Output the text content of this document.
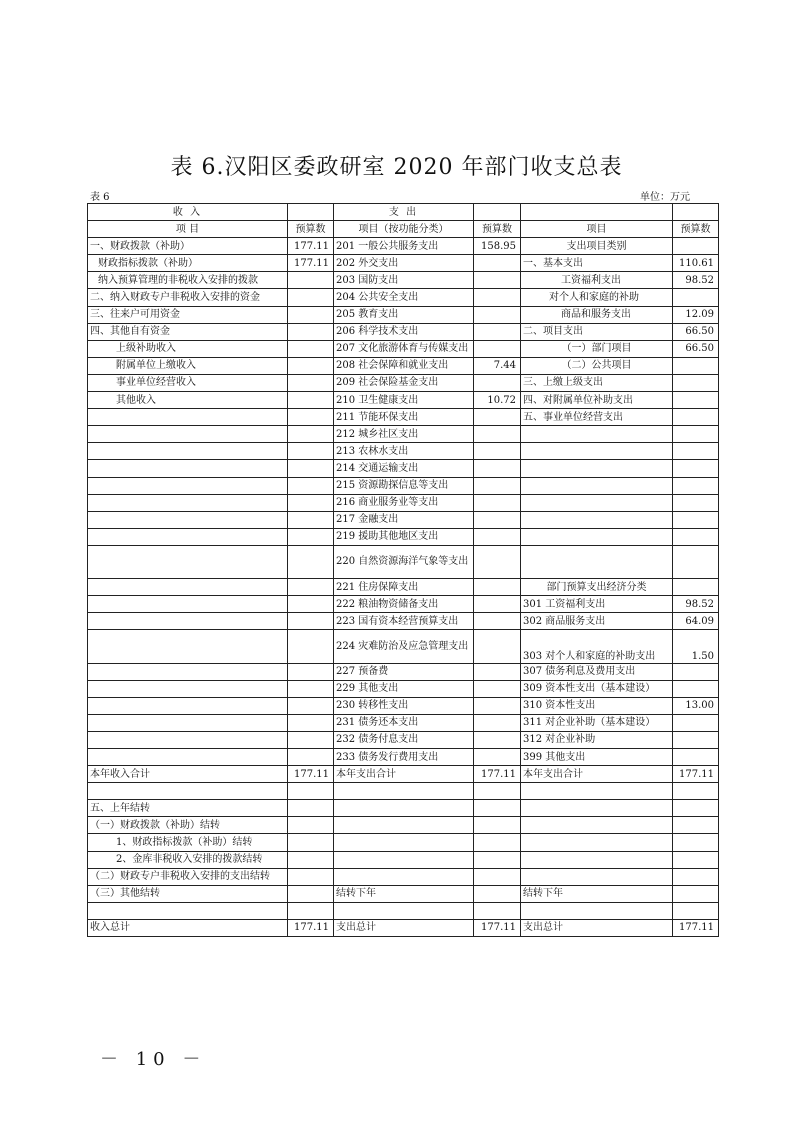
表 6.汉阳区委政研室 2020 年部门收支总表
表 6	单位：万元
收 入		支 出			
项 目	预算数	项目（按功能分类）	预算数	项目	预算数
一、财政拨款（补助）	177.11	201 一般公共服务支出	158.95	支出项目类别	
财政指标拨款（补助）	177.11	202 外交支出		一、基本支出	110.61
纳入预算管理的非税收入安排的拨款		203 国防支出		工资福利支出	98.52
二、纳入财政专户非税收入安排的资金		204 公共安全支出		对个人和家庭的补助	
三、往来户可用资金		205 教育支出		商品和服务支出	12.09
四、其他自有资金		206 科学技术支出		二、项目支出	66.50
上级补助收入		207 文化旅游体育与传媒支出		（一）部门项目	66.50
附属单位上缴收入		208 社会保障和就业支出	7.44	（二）公共项目	
事业单位经营收入		209 社会保险基金支出		三、上缴上级支出	
其他收入		210 卫生健康支出	10.72	四、对附属单位补助支出	
		211 节能环保支出		五、事业单位经营支出	
		212 城乡社区支出			
		213 农林水支出			
		214 交通运输支出			
		215 资源勘探信息等支出			
		216 商业服务业等支出			
		217 金融支出			
		219 援助其他地区支出			
		220 自然资源海洋气象等支出			
		221 住房保障支出		部门预算支出经济分类	
		222 粮油物资储备支出		301 工资福利支出	98.52
		223 国有资本经营预算支出		302 商品服务支出	64.09
		224 灾难防治及应急管理支出		303 对个人和家庭的补助支出	1.50
		227 预备费		307 债务利息及费用支出	
		229 其他支出		309 资本性支出（基本建设）	
		230 转移性支出		310 资本性支出	13.00
		231 债务还本支出		311 对企业补助（基本建设）	
		232 债务付息支出		312 对企业补助	
		233 债务发行费用支出		399 其他支出	
本年收入合计	177.11	本年支出合计	177.11	本年支出合计	177.11

五、上年结转					
（一）财政拨款（补助）结转					
1、财政指标拨款（补助）结转					
2、金库非税收入安排的拨款结转					
（二）财政专户非税收入安排的支出结转					
（三）其他结转		结转下年		结转下年	

收入总计	177.11	支出总计	177.11	支出总计	177.11
－ 10 －
